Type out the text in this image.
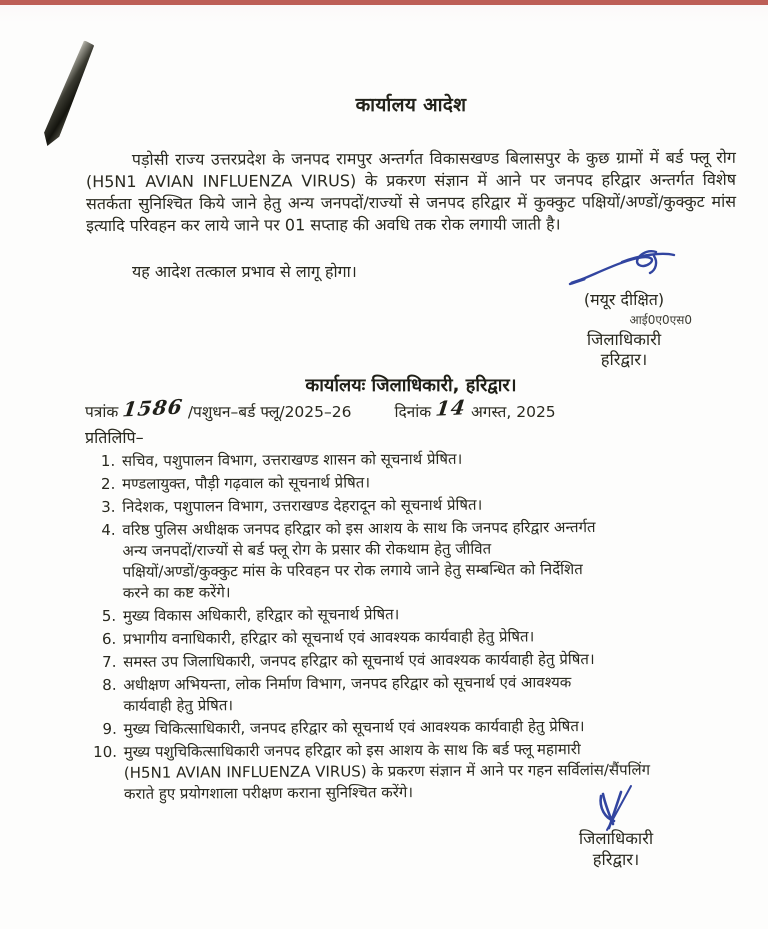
कार्यालय आदेश

पड़ोसी राज्य उत्तरप्रदेश के जनपद रामपुर अन्तर्गत विकासखण्ड बिलासपुर के कुछ ग्रामों में बर्ड फ्लू रोग (H5N1 AVIAN INFLUENZA VIRUS) के प्रकरण संज्ञान में आने पर जनपद हरिद्वार अन्तर्गत विशेष सतर्कता सुनिश्चित किये जाने हेतु अन्य जनपदों/राज्यों से जनपद हरिद्वार में कुक्कुट पक्षियों/अण्डों/कुक्कुट मांस इत्यादि परिवहन कर लाये जाने पर 01 सप्ताह की अवधि तक रोक लगायी जाती है।

यह आदेश तत्काल प्रभाव से लागू होगा।

(मयूर दीक्षित)
आई0ए0एस0
जिलाधिकारी
हरिद्वार।
कार्यालयः जिलाधिकारी, हरिद्वार।
पत्रांक 1586 /पशुधन–बर्ड फ्लू/2025–26	दिनांक 14 अगस्त, 2025
प्रतिलिपि–
1. सचिव, पशुपालन विभाग, उत्तराखण्ड शासन को सूचनार्थ प्रेषित।
2. मण्डलायुक्त, पौड़ी गढ़वाल को सूचनार्थ प्रेषित।
3. निदेशक, पशुपालन विभाग, उत्तराखण्ड देहरादून को सूचनार्थ प्रेषित।
4. वरिष्ठ पुलिस अधीक्षक जनपद हरिद्वार को इस आशय के साथ कि जनपद हरिद्वार अन्तर्गत
अन्य जनपदों/राज्यों से बर्ड फ्लू रोग के प्रसार की रोकथाम हेतु जीवित
पक्षियों/अण्डों/कुक्कुट मांस के परिवहन पर रोक लगाये जाने हेतु सम्बन्धित को निर्देशित
करने का कष्ट करेंगे।
5. मुख्य विकास अधिकारी, हरिद्वार को सूचनार्थ प्रेषित।
6. प्रभागीय वनाधिकारी, हरिद्वार को सूचनार्थ एवं आवश्यक कार्यवाही हेतु प्रेषित।
7. समस्त उप जिलाधिकारी, जनपद हरिद्वार को सूचनार्थ एवं आवश्यक कार्यवाही हेतु प्रेषित।
8. अधीक्षण अभियन्ता, लोक निर्माण विभाग, जनपद हरिद्वार को सूचनार्थ एवं आवश्यक
कार्यवाही हेतु प्रेषित।
9. मुख्य चिकित्साधिकारी, जनपद हरिद्वार को सूचनार्थ एवं आवश्यक कार्यवाही हेतु प्रेषित।
10. मुख्य पशुचिकित्साधिकारी जनपद हरिद्वार को इस आशय के साथ कि बर्ड फ्लू महामारी
(H5N1 AVIAN INFLUENZA VIRUS) के प्रकरण संज्ञान में आने पर गहन सर्विलांस/सैंपलिंग
कराते हुए प्रयोगशाला परीक्षण कराना सुनिश्चित करेंगे।
जिलाधिकारी
हरिद्वार।
